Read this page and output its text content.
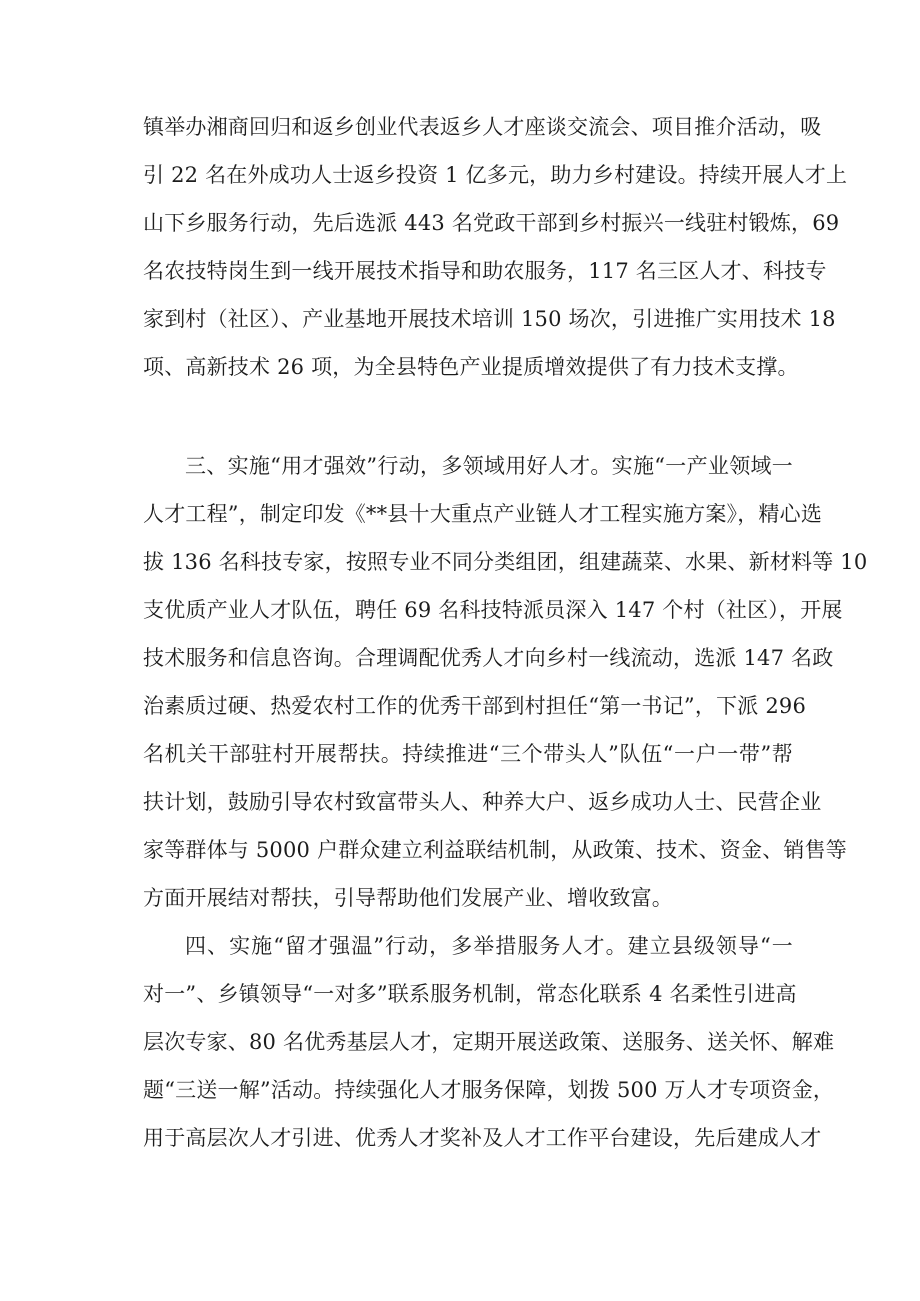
镇举办湘商回归和返乡创业代表返乡人才座谈交流会、项目推介活动，吸
引 22 名在外成功人士返乡投资 1 亿多元，助力乡村建设。持续开展人才上
山下乡服务行动，先后选派 443 名党政干部到乡村振兴一线驻村锻炼，69
名农技特岗生到一线开展技术指导和助农服务，117 名三区人才、科技专
家到村（社区）、产业基地开展技术培训 150 场次，引进推广实用技术 18
项、高新技术 26 项，为全县特色产业提质增效提供了有力技术支撑。
三、实施“用才强效”行动，多领域用好人才。实施“一产业领域一
人才工程”，制定印发《**县十大重点产业链人才工程实施方案》，精心选
拔 136 名科技专家，按照专业不同分类组团，组建蔬菜、水果、新材料等 10
支优质产业人才队伍，聘任 69 名科技特派员深入 147 个村（社区），开展
技术服务和信息咨询。合理调配优秀人才向乡村一线流动，选派 147 名政
治素质过硬、热爱农村工作的优秀干部到村担任“第一书记”，下派 296
名机关干部驻村开展帮扶。持续推进“三个带头人”队伍“一户一带”帮
扶计划，鼓励引导农村致富带头人、种养大户、返乡成功人士、民营企业
家等群体与 5000 户群众建立利益联结机制，从政策、技术、资金、销售等
方面开展结对帮扶，引导帮助他们发展产业、增收致富。
四、实施“留才强温”行动，多举措服务人才。建立县级领导“一
对一”、乡镇领导“一对多”联系服务机制，常态化联系 4 名柔性引进高
层次专家、80 名优秀基层人才，定期开展送政策、送服务、送关怀、解难
题“三送一解”活动。持续强化人才服务保障，划拨 500 万人才专项资金，
用于高层次人才引进、优秀人才奖补及人才工作平台建设，先后建成人才
